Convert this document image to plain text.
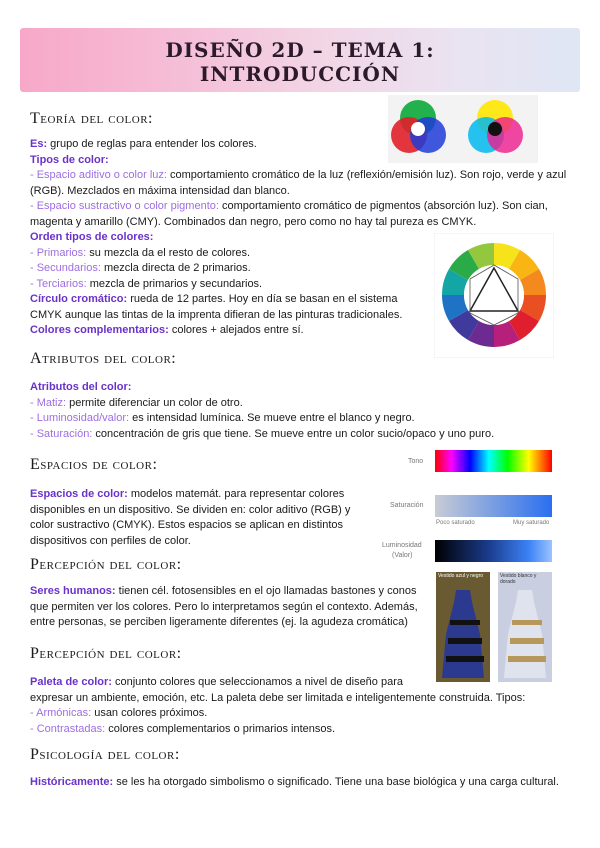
DISEÑO 2D – TEMA 1:
INTRODUCCIÓN
Teoría del color:

Es: grupo de reglas para entender los colores.

Tipos de color:

- Espacio aditivo o color luz: comportamiento cromático de la luz (reflexión/emisión luz). Son rojo, verde y azul

(RGB). Mezclados en máxima intensidad dan blanco.

- Espacio sustractivo o color pigmento: comportamiento cromático de pigmentos (absorción luz). Son cian,

magenta y amarillo (CMY). Combinados dan negro, pero como no hay tal pureza es CMYK.

Orden tipos de colores:

- Primarios: su mezcla da el resto de colores.

- Secundarios: mezcla directa de 2 primarios.

- Terciarios: mezcla de primarios y secundarios.

Círculo cromático: rueda de 12 partes. Hoy en día se basan en el sistema

CMYK aunque las tintas de la imprenta difieran de las pinturas tradicionales.

Colores complementarios: colores + alejados entre sí.

Atributos del color:

Atributos del color:

- Matiz: permite diferenciar un color de otro.

- Luminosidad/valor: es intensidad lumínica. Se mueve entre el blanco y negro.

- Saturación: concentración de gris que tiene. Se mueve entre un color sucio/opaco y uno puro.

Espacios de color:

Espacios de color: modelos matemát. para representar colores

disponibles en un dispositivo. Se dividen en: color aditivo (RGB) y

color sustractivo (CMYK). Estos espacios se aplican en distintos

dispositivos con perfiles de color.

Tono
Saturación
Poco saturado	Muy saturado
Luminosidad
(Valor)
Percepción del color:

Seres humanos: tienen cél. fotosensibles en el ojo llamadas bastones y conos

que permiten ver los colores. Pero lo interpretamos según el contexto. Además,

entre personas, se perciben ligeramente diferentes (ej. la agudeza cromática)

Vestido azul y negro	Vestido blanco y dorado
Percepción del color:

Paleta de color: conjunto colores que seleccionamos a nivel de diseño para

expresar un ambiente, emoción, etc. La paleta debe ser limitada e inteligentemente construida. Tipos:

- Armónicas: usan colores próximos.

- Contrastadas: colores complementarios o primarios intensos.

Psicología del color:

Históricamente: se les ha otorgado simbolismo o significado. Tiene una base biológica y una carga cultural.
